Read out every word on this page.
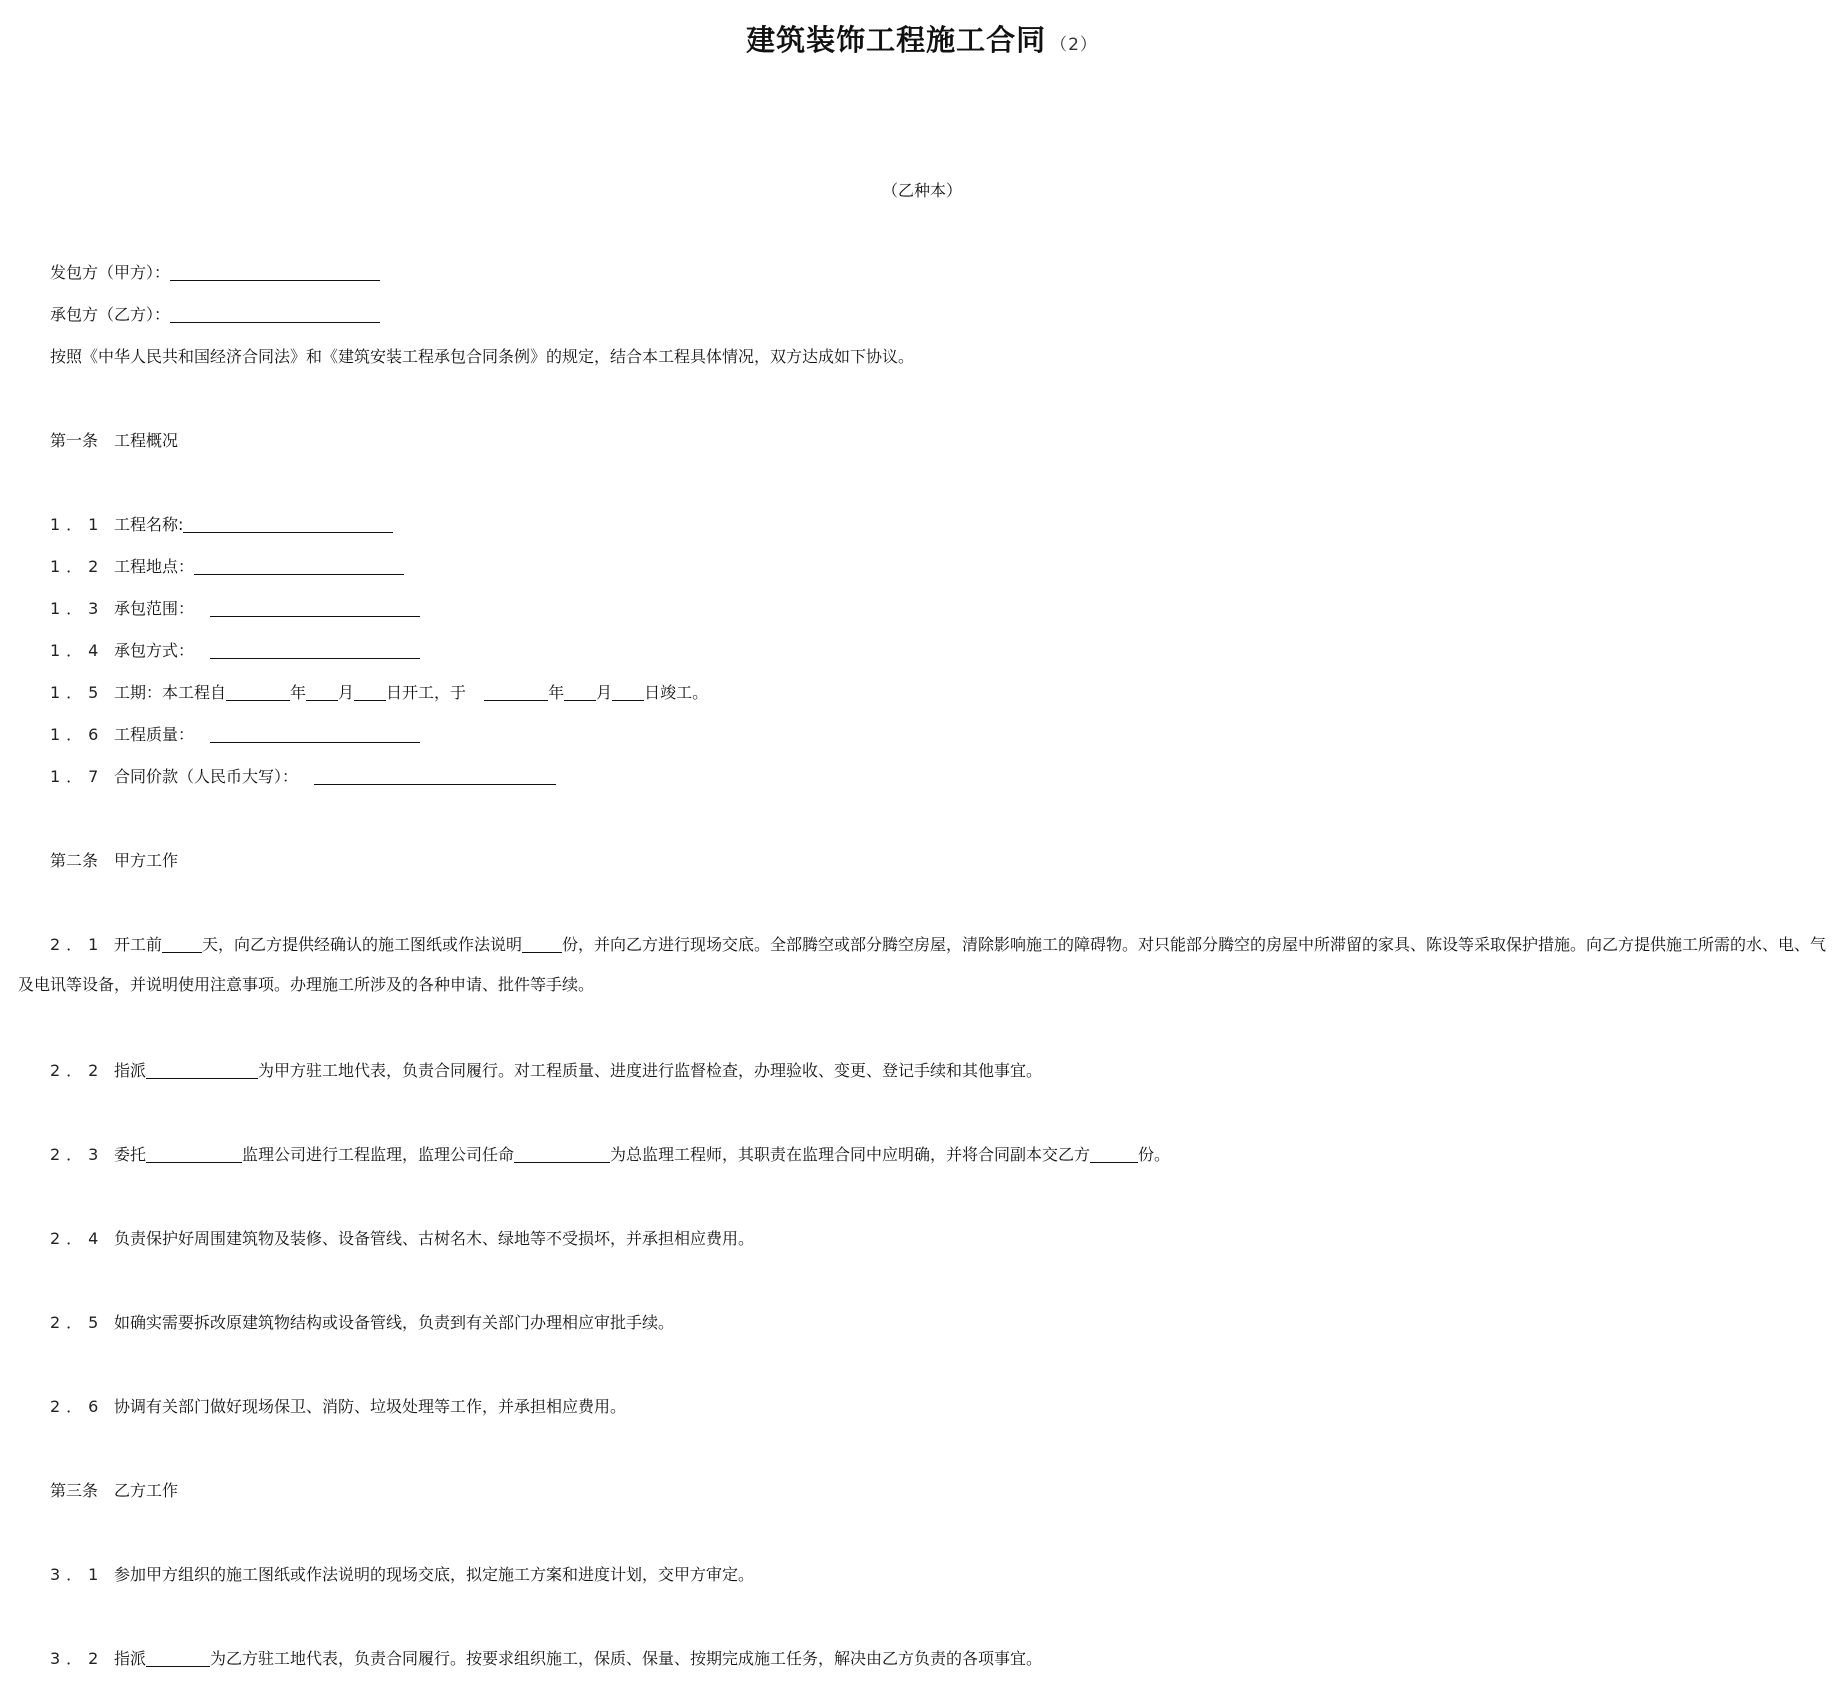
建筑装饰工程施工合同 （2）
（乙种本）
发包方（甲方）：
承包方（乙方）：
按照《中华人民共和国经济合同法》和《建筑安装工程承包合同条例》的规定，结合本工程具体情况，双方达成如下协议。
第一条　工程概况
1．1 工程名称:
1．2 工程地点：
1．3 承包范围：
1．4 承包方式：
1．5 工期：本工程自	年 月 日开工，于	年 月 日竣工。
1．6 工程质量：
1．7 合同价款（人民币大写）：
第二条　甲方工作
2．1 开工前	天，向乙方提供经确认的施工图纸或作法说明	份，并向乙方进行现场交底。全部腾空或部分腾空房屋，清除影响施工的障碍物。对只能部分腾空的房屋中所滞留的家具、陈设等采取保护措施。向乙方提供施工所需的水、电、气及电讯等设备，并说明使用注意事项。办理施工所涉及的各种申请、批件等手续。
2．2 指派	为甲方驻工地代表，负责合同履行。对工程质量、进度进行监督检查，办理验收、变更、登记手续和其他事宜。
2．3 委托	监理公司进行工程监理，监理公司任命	为总监理工程师，其职责在监理合同中应明确，并将合同副本交乙方	份。
2．4 负责保护好周围建筑物及装修、设备管线、古树名木、绿地等不受损坏，并承担相应费用。
2．5 如确实需要拆改原建筑物结构或设备管线，负责到有关部门办理相应审批手续。
2．6 协调有关部门做好现场保卫、消防、垃圾处理等工作，并承担相应费用。
第三条　乙方工作
3．1 参加甲方组织的施工图纸或作法说明的现场交底，拟定施工方案和进度计划，交甲方审定。
3．2 指派	为乙方驻工地代表，负责合同履行。按要求组织施工，保质、保量、按期完成施工任务，解决由乙方负责的各项事宜。
